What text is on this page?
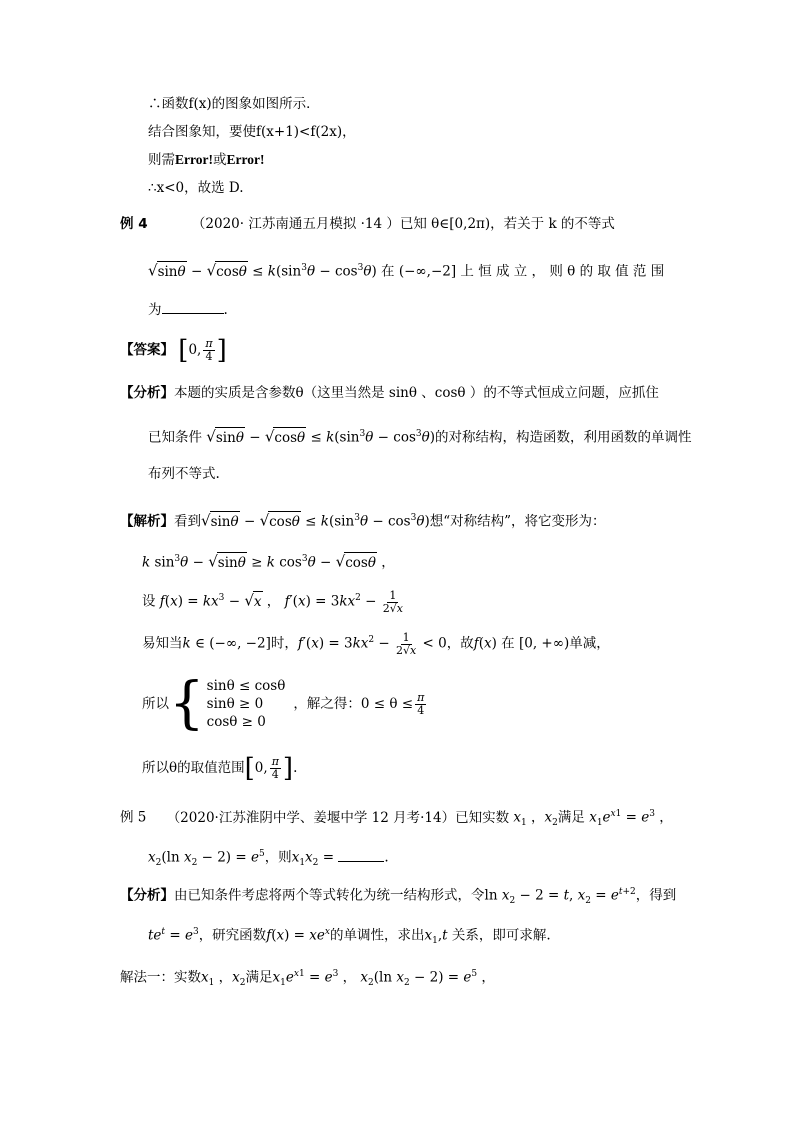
∴函数f(x)的图象如图所示．
结合图象知，要使f(x+1)<f(2x)，
则需Error!或Error!
∴x<0，故选 D.
例 4	（2020· 江苏南通五月模拟 ·14 ）已知 θ∈[0,2π)，若关于 k 的不等式
$√\sin\theta - √\cos\theta \le k(\sin^3\theta - \cos^3\theta)$ 在 (−∞,−2] 上 恒 成 立 ， 则 θ 的 取 值 范 围
为	.
【答案】 [0, $\frac{\pi}{4}$ ]
【分析】本题的实质是含参数θ（这里当然是 sinθ 、cosθ ）的不等式恒成立问题，应抓住
已知条件 $√\sin\theta - √\cos\theta \le k(\sin^3\theta - \cos^3\theta)$的对称结构，构造函数，利用函数的单调性
布列不等式.
【解析】看到$√\sin\theta - √\cos\theta \le k(\sin^3\theta - \cos^3\theta)$想“对称结构”，将它变形为：
k $\sin^3\theta - √\sin\theta \ge k$ $\cos^3\theta - √\cos\theta$ ，
设 $f(x) = kx^3 - √x$ ， $f'(x) = 3kx^2 - \frac{1}{2√x}$
易知当k ∈ (−∞, −2]时，$f'(x) = 3kx^2 - \frac{1}{2√x} < 0$，故f(x) 在 [0, +∞)单减，
所以 { sinθ ≤ cosθ
sinθ ≥ 0
cosθ ≥ 0
，解之得：$0 \le \theta \le \frac{\pi}{4}$
所以θ的取值范围[0, $\frac{\pi}{4}$ ].
例 5 （2020·江苏淮阴中学、姜堰中学 12 月考·14）已知实数 $x_1$ ，$x_2$满足 $x_1e^{x1} = e^3$ ，
$x_2(\ln$ $x_2 - 2) = e^5$，则$x_1x_2$ =	.
【分析】由已知条件考虑将两个等式转化为统一结构形式，令$\ln x_2 - 2 = t$, $x_2 = e^{t+2}$，得到
$te^t = e^3$，研究函数$f(x) = xe^x$的单调性，求出$x_1,t$ 关系，即可求解.
解法一：实数$x_1$ ，$x_2$满足$x_1e^{x1} = e^3$ ， $x_2(\ln$ $x_2 - 2) = e^5$ ，
